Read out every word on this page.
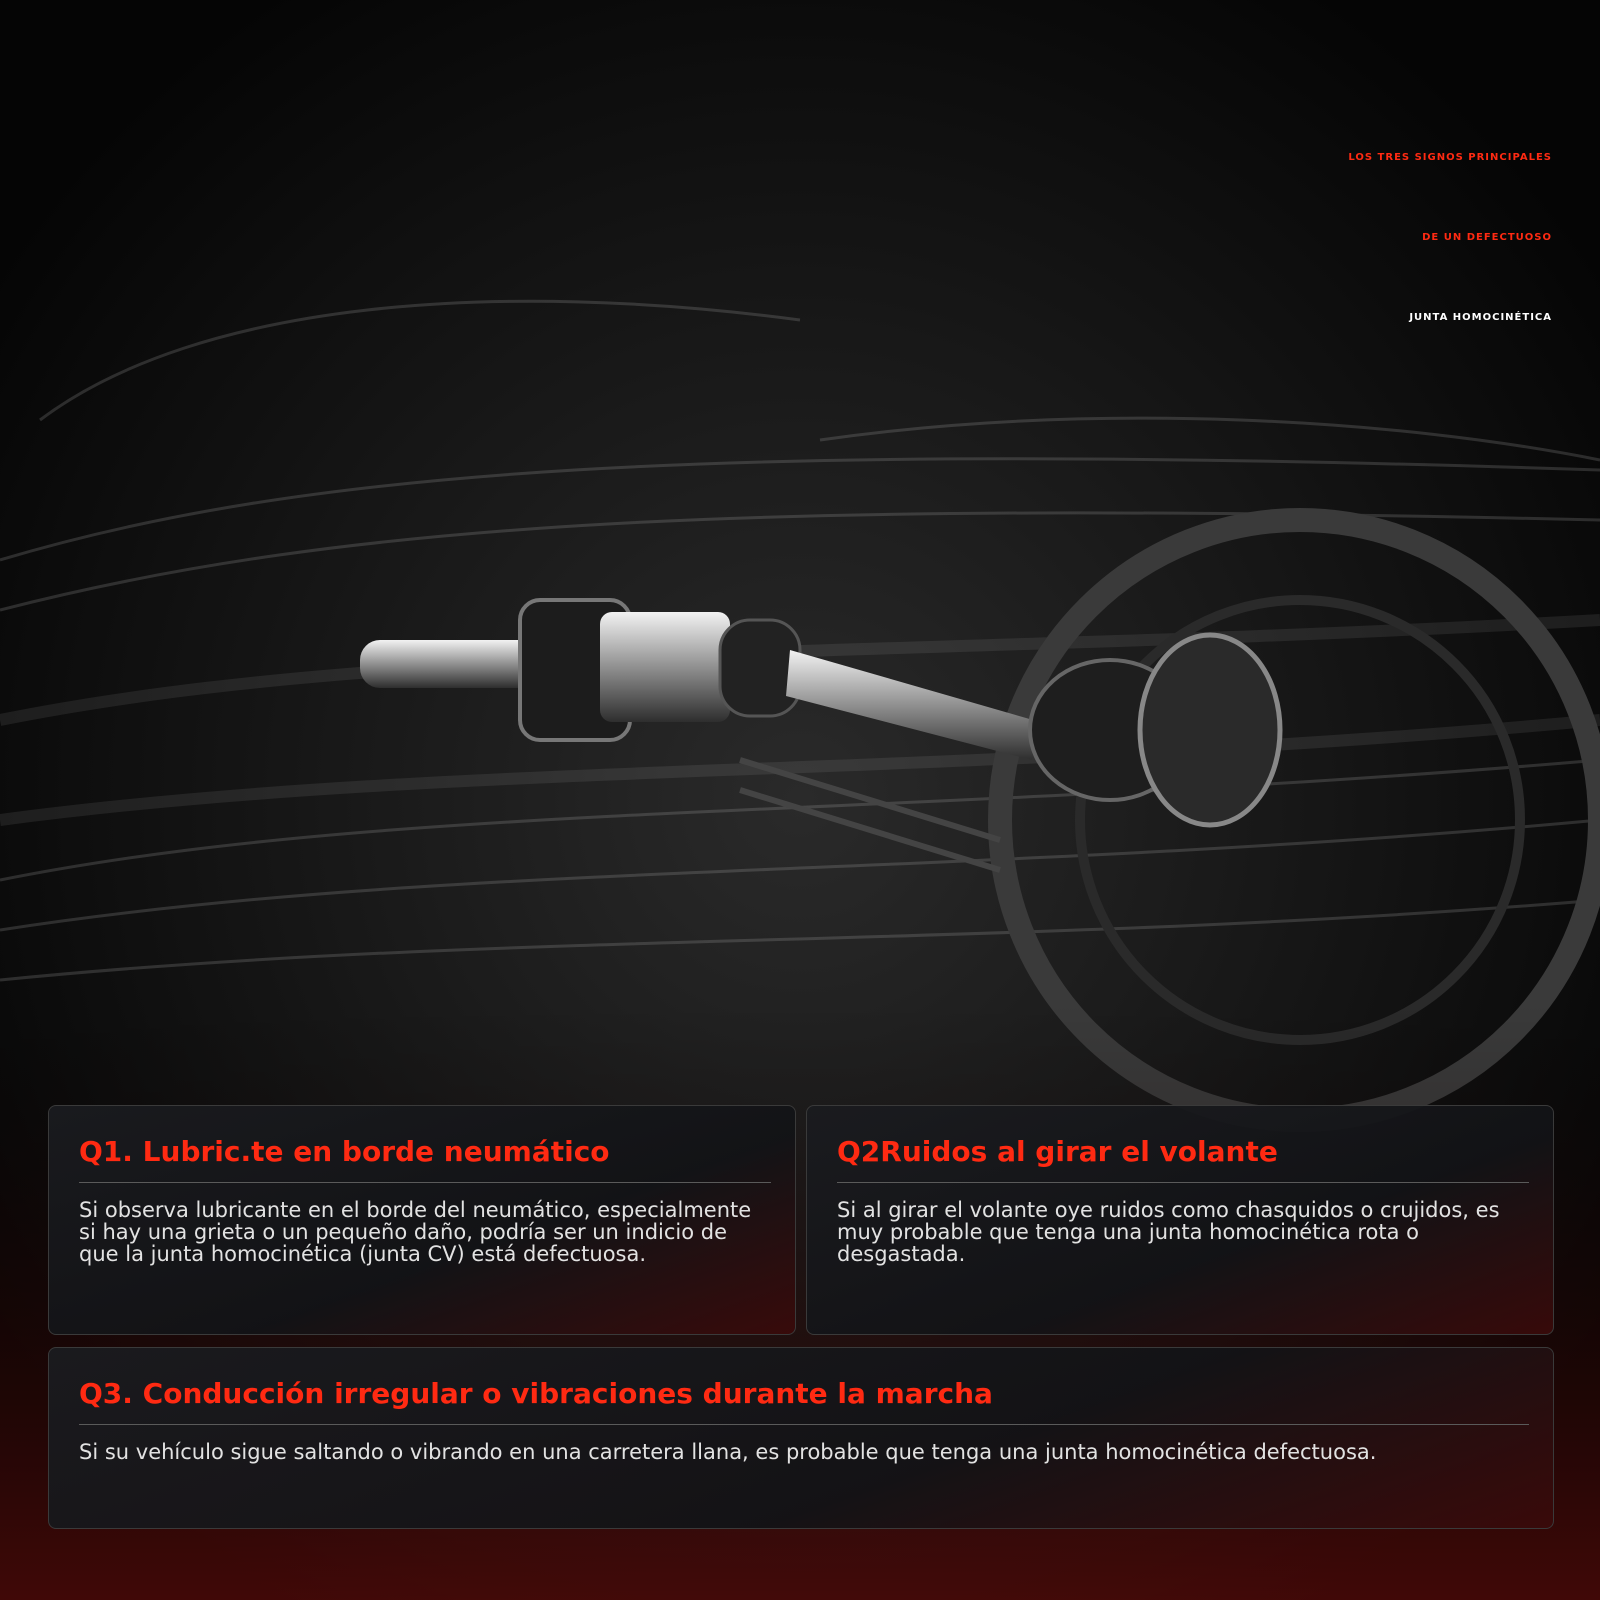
LOS TRES SIGNOS PRINCIPALES
DE UN DEFECTUOSO
JUNTA HOMOCINÉTICA
Q1. Lubric.te en borde neumático

Si observa lubricante en el borde del neumático, especialmente si hay una grieta o un pequeño daño, podría ser un indicio de que la junta homocinética (junta CV) está defectuosa.

Q2Ruidos al girar el volante

Si al girar el volante oye ruidos como chasquidos o crujidos, es muy probable que tenga una junta homocinética rota o desgastada.

Q3. Conducción irregular o vibraciones durante la marcha

Si su vehículo sigue saltando o vibrando en una carretera llana, es probable que tenga una junta homocinética defectuosa.
